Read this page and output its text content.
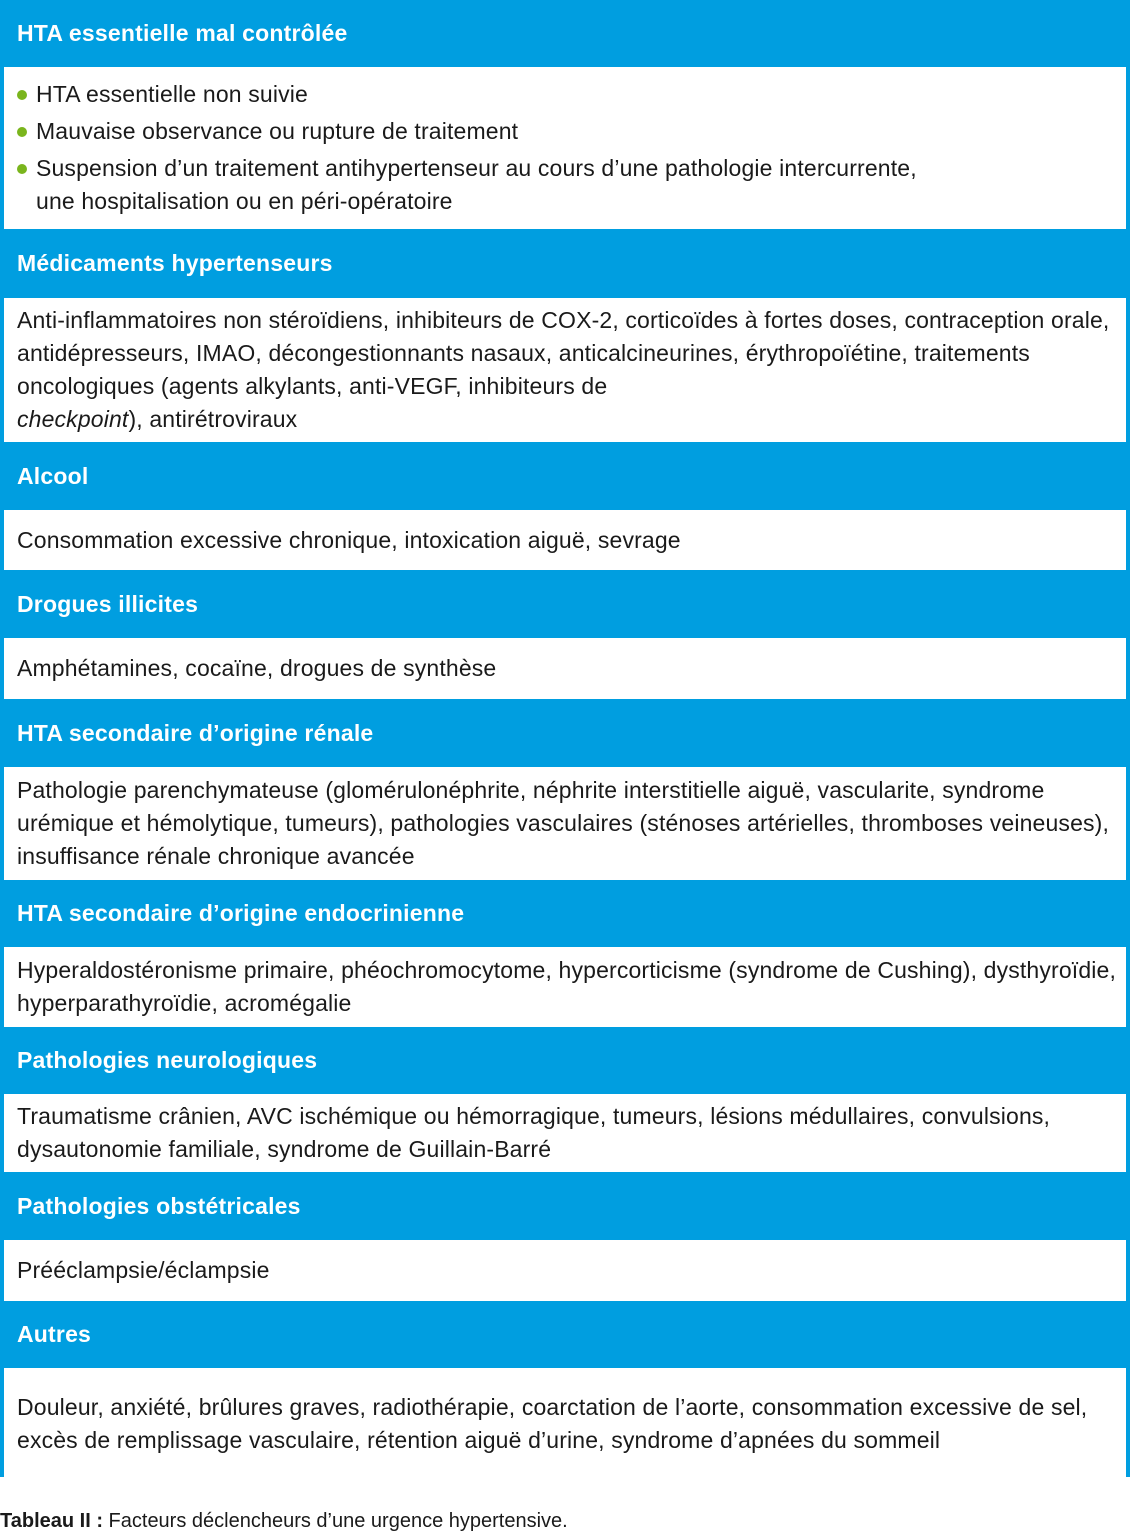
HTA essentielle mal contrôlée
HTA essentielle non suivie
Mauvaise observance ou rupture de traitement
Suspension d’un traitement antihypertenseur au cours d’une pathologie intercurrente,
une hospitalisation ou en péri-opératoire
Médicaments hypertenseurs
Anti-inflammatoires non stéroïdiens, inhibiteurs de COX-2, corticoïdes à fortes doses, contraception orale, antidépresseurs, IMAO, décongestionnants nasaux, anticalcineurines, érythropoïétine, traitements oncologiques (agents alkylants, anti-VEGF, inhibiteurs de
checkpoint), antirétroviraux
Alcool
Consommation excessive chronique, intoxication aiguë, sevrage
Drogues illicites
Amphétamines, cocaïne, drogues de synthèse
HTA secondaire d’origine rénale
Pathologie parenchymateuse (glomérulonéphrite, néphrite interstitielle aiguë, vascularite, syndrome urémique et hémolytique, tumeurs), pathologies vasculaires (sténoses artérielles, thromboses veineuses), insuffisance rénale chronique avancée
HTA secondaire d’origine endocrinienne
Hyperaldostéronisme primaire, phéochromocytome, hypercorticisme (syndrome de Cushing), dysthyroïdie, hyperparathyroïdie, acromégalie
Pathologies neurologiques
Traumatisme crânien, AVC ischémique ou hémorragique, tumeurs, lésions médullaires, convulsions, dysautonomie familiale, syndrome de Guillain-Barré
Pathologies obstétricales
Prééclampsie/éclampsie
Autres
Douleur, anxiété, brûlures graves, radiothérapie, coarctation de l’aorte, consommation excessive de sel, excès de remplissage vasculaire, rétention aiguë d’urine, syndrome d’apnées du sommeil
Tableau II : Facteurs déclencheurs d’une urgence hypertensive.
